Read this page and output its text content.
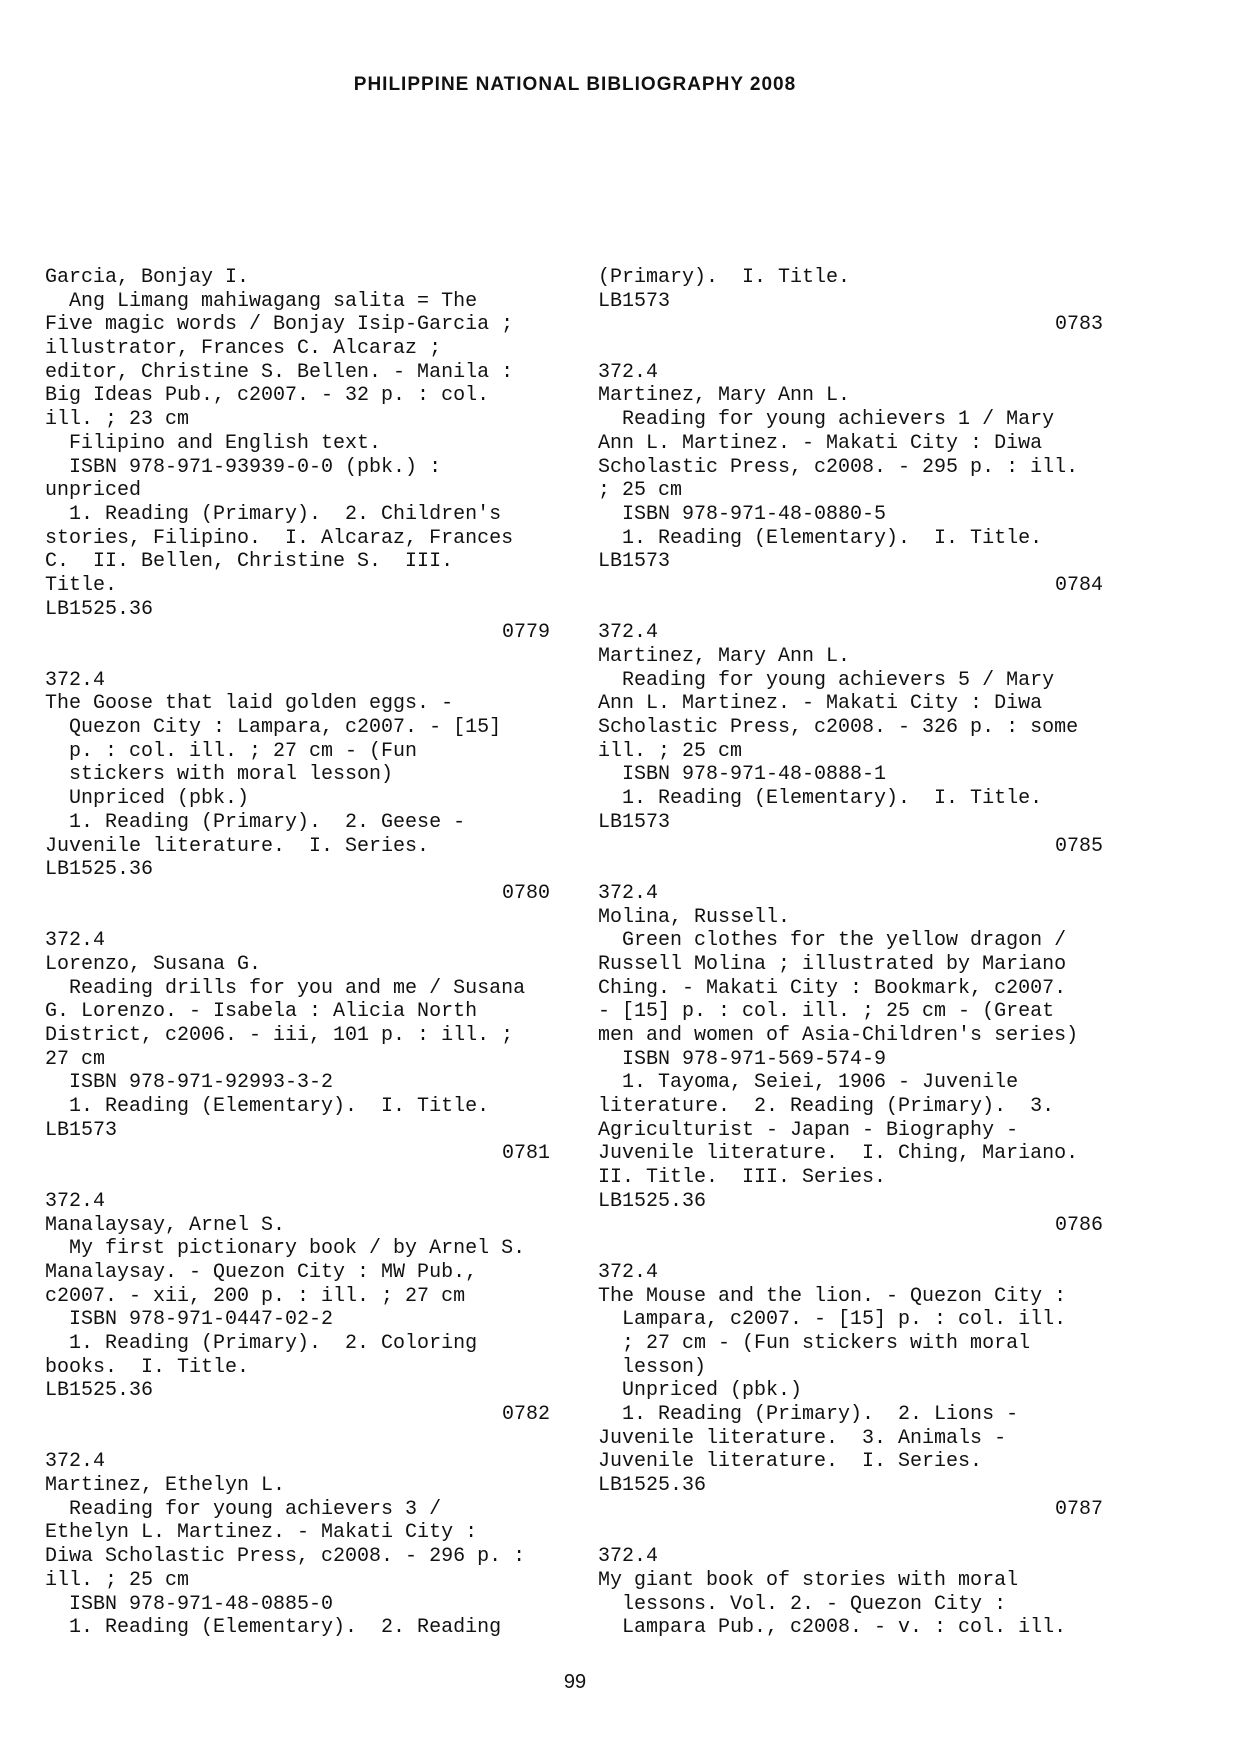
PHILIPPINE NATIONAL BIBLIOGRAPHY 2008
Garcia, Bonjay I.
Ang Limang mahiwagang salita = The
Five magic words / Bonjay Isip-Garcia ;
illustrator, Frances C. Alcaraz ;
editor, Christine S. Bellen. - Manila :
Big Ideas Pub., c2007. - 32 p. : col.
ill. ; 23 cm
Filipino and English text.
ISBN 978-971-93939-0-0 (pbk.) :
unpriced
1. Reading (Primary).  2. Children's
stories, Filipino.  I. Alcaraz, Frances
C.  II. Bellen, Christine S.  III.
Title.
LB1525.36
0779
372.4
The Goose that laid golden eggs. -
Quezon City : Lampara, c2007. - [15]
p. : col. ill. ; 27 cm - (Fun
stickers with moral lesson)
Unpriced (pbk.)
1. Reading (Primary).  2. Geese -
Juvenile literature.  I. Series.
LB1525.36
0780
372.4
Lorenzo, Susana G.
Reading drills for you and me / Susana
G. Lorenzo. - Isabela : Alicia North
District, c2006. - iii, 101 p. : ill. ;
27 cm
ISBN 978-971-92993-3-2
1. Reading (Elementary).  I. Title.
LB1573
0781
372.4
Manalaysay, Arnel S.
My first pictionary book / by Arnel S.
Manalaysay. - Quezon City : MW Pub.,
c2007. - xii, 200 p. : ill. ; 27 cm
ISBN 978-971-0447-02-2
1. Reading (Primary).  2. Coloring
books.  I. Title.
LB1525.36
0782
372.4
Martinez, Ethelyn L.
Reading for young achievers 3 /
Ethelyn L. Martinez. - Makati City :
Diwa Scholastic Press, c2008. - 296 p. :
ill. ; 25 cm
ISBN 978-971-48-0885-0
1. Reading (Elementary).  2. Reading
(Primary).  I. Title.
LB1573
0783
372.4
Martinez, Mary Ann L.
Reading for young achievers 1 / Mary
Ann L. Martinez. - Makati City : Diwa
Scholastic Press, c2008. - 295 p. : ill.
; 25 cm
ISBN 978-971-48-0880-5
1. Reading (Elementary).  I. Title.
LB1573
0784
372.4
Martinez, Mary Ann L.
Reading for young achievers 5 / Mary
Ann L. Martinez. - Makati City : Diwa
Scholastic Press, c2008. - 326 p. : some
ill. ; 25 cm
ISBN 978-971-48-0888-1
1. Reading (Elementary).  I. Title.
LB1573
0785
372.4
Molina, Russell.
Green clothes for the yellow dragon /
Russell Molina ; illustrated by Mariano
Ching. - Makati City : Bookmark, c2007.
- [15] p. : col. ill. ; 25 cm - (Great
men and women of Asia-Children's series)
ISBN 978-971-569-574-9
1. Tayoma, Seiei, 1906 - Juvenile
literature.  2. Reading (Primary).  3.
Agriculturist - Japan - Biography -
Juvenile literature.  I. Ching, Mariano.
II. Title.  III. Series.
LB1525.36
0786
372.4
The Mouse and the lion. - Quezon City :
Lampara, c2007. - [15] p. : col. ill.
; 27 cm - (Fun stickers with moral
lesson)
Unpriced (pbk.)
1. Reading (Primary).  2. Lions -
Juvenile literature.  3. Animals -
Juvenile literature.  I. Series.
LB1525.36
0787
372.4
My giant book of stories with moral
lessons. Vol. 2. - Quezon City :
Lampara Pub., c2008. - v. : col. ill.
99
